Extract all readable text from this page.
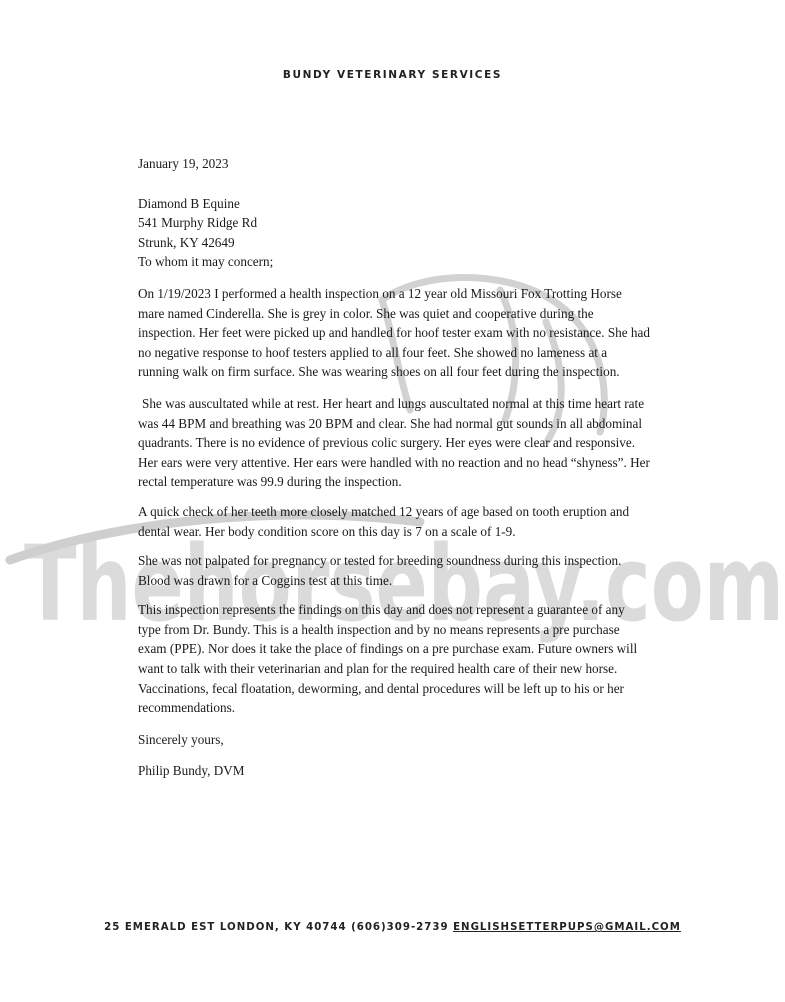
BUNDY VETERINARY SERVICES
Thehorsebay.com

January 19, 2023

Diamond B Equine

541 Murphy Ridge Rd

Strunk, KY 42649

To whom it may concern;

On 1/19/2023 I performed a health inspection on a 12 year old Missouri Fox Trotting Horse mare named Cinderella. She is grey in color. She was quiet and cooperative during the inspection. Her feet were picked up and handled for hoof tester exam with no resistance. She had no negative response to hoof testers applied to all four feet. She showed no lameness at a running walk on firm surface. She was wearing shoes on all four feet during the inspection.

She was auscultated while at rest. Her heart and lungs auscultated normal at this time heart rate was 44 BPM and breathing was 20 BPM and clear. She had normal gut sounds in all abdominal quadrants. There is no evidence of previous colic surgery. Her eyes were clear and responsive. Her ears were very attentive. Her ears were handled with no reaction and no head “shyness”. Her rectal temperature was 99.9 during the inspection.

A quick check of her teeth more closely matched 12 years of age based on tooth eruption and dental wear. Her body condition score on this day is 7 on a scale of 1-9.

She was not palpated for pregnancy or tested for breeding soundness during this inspection. Blood was drawn for a Coggins test at this time.

This inspection represents the findings on this day and does not represent a guarantee of any type from Dr. Bundy. This is a health inspection and by no means represents a pre purchase exam (PPE). Nor does it take the place of findings on a pre purchase exam. Future owners will want to talk with their veterinarian and plan for the required health care of their new horse. Vaccinations, fecal floatation, deworming, and dental procedures will be left up to his or her recommendations.

Sincerely yours,

Philip Bundy, DVM

25 EMERALD EST LONDON, KY 40744 (606)309-2739 ENGLISHSETTERPUPS@GMAIL.COM
